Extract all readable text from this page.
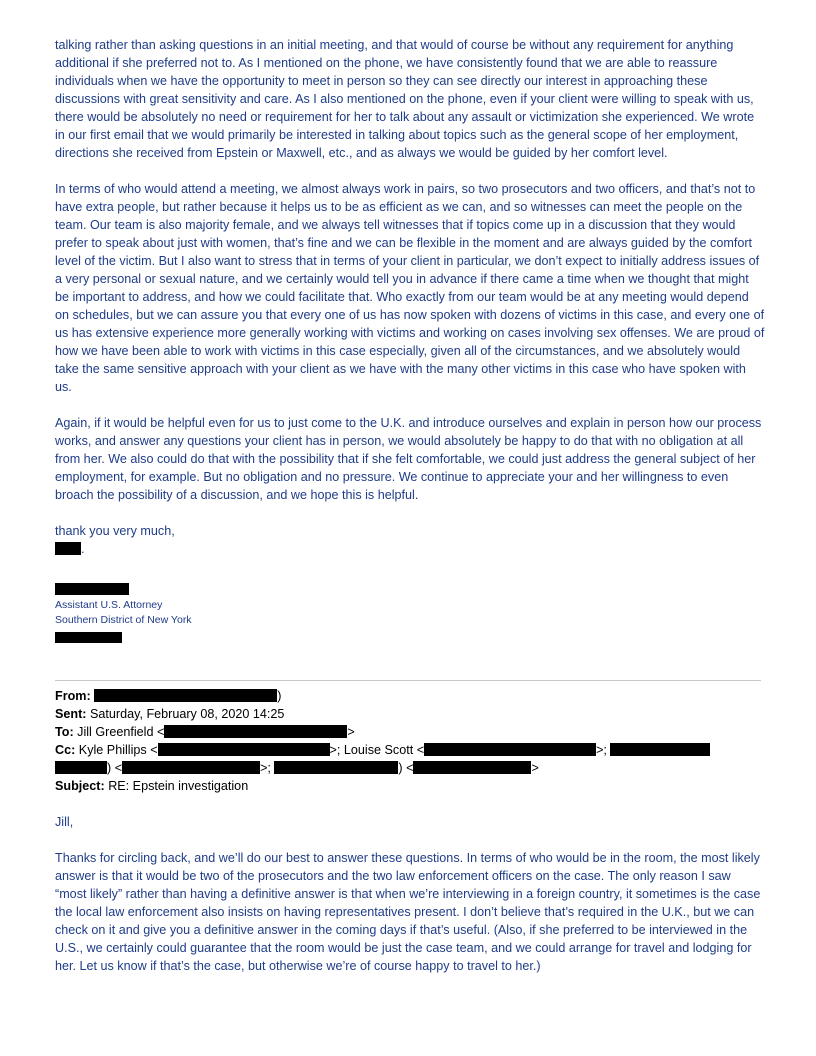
talking rather than asking questions in an initial meeting, and that would of course be without any requirement for anything additional if she preferred not to. As I mentioned on the phone, we have consistently found that we are able to reassure individuals when we have the opportunity to meet in person so they can see directly our interest in approaching these discussions with great sensitivity and care. As I also mentioned on the phone, even if your client were willing to speak with us, there would be absolutely no need or requirement for her to talk about any assault or victimization she experienced. We wrote in our first email that we would primarily be interested in talking about topics such as the general scope of her employment, directions she received from Epstein or Maxwell, etc., and as always we would be guided by her comfort level.

In terms of who would attend a meeting, we almost always work in pairs, so two prosecutors and two officers, and that’s not to have extra people, but rather because it helps us to be as efficient as we can, and so witnesses can meet the people on the team. Our team is also majority female, and we always tell witnesses that if topics come up in a discussion that they would prefer to speak about just with women, that’s fine and we can be flexible in the moment and are always guided by the comfort level of the victim. But I also want to stress that in terms of your client in particular, we don’t expect to initially address issues of a very personal or sexual nature, and we certainly would tell you in advance if there came a time when we thought that might be important to address, and how we could facilitate that. Who exactly from our team would be at any meeting would depend on schedules, but we can assure you that every one of us has now spoken with dozens of victims in this case, and every one of us has extensive experience more generally working with victims and working on cases involving sex offenses. We are proud of how we have been able to work with victims in this case especially, given all of the circumstances, and we absolutely would take the same sensitive approach with your client as we have with the many other victims in this case who have spoken with us.

Again, if it would be helpful even for us to just come to the U.K. and introduce ourselves and explain in person how our process works, and answer any questions your client has in person, we would absolutely be happy to do that with no obligation at all from her. We also could do that with the possibility that if she felt comfortable, we could just address the general subject of her employment, for example. But no obligation and no pressure. We continue to appreciate your and her willingness to even broach the possibility of a discussion, and we hope this is helpful.

thank you very much,

.

Assistant U.S. Attorney
Southern District of New York
From:	)
Sent: Saturday, February 08, 2020 14:25
To: Jill Greenfield <	>
Cc: Kyle Phillips <	>; Louise Scott <	>;
) <	>;	) <	>
Subject: RE: Epstein investigation

Jill,

Thanks for circling back, and we’ll do our best to answer these questions. In terms of who would be in the room, the most likely answer is that it would be two of the prosecutors and the two law enforcement officers on the case. The only reason I saw “most likely” rather than having a definitive answer is that when we’re interviewing in a foreign country, it sometimes is the case the local law enforcement also insists on having representatives present. I don’t believe that’s required in the U.K., but we can check on it and give you a definitive answer in the coming days if that’s useful. (Also, if she preferred to be interviewed in the U.S., we certainly could guarantee that the room would be just the case team, and we could arrange for travel and lodging for her. Let us know if that’s the case, but otherwise we’re of course happy to travel to her.)
